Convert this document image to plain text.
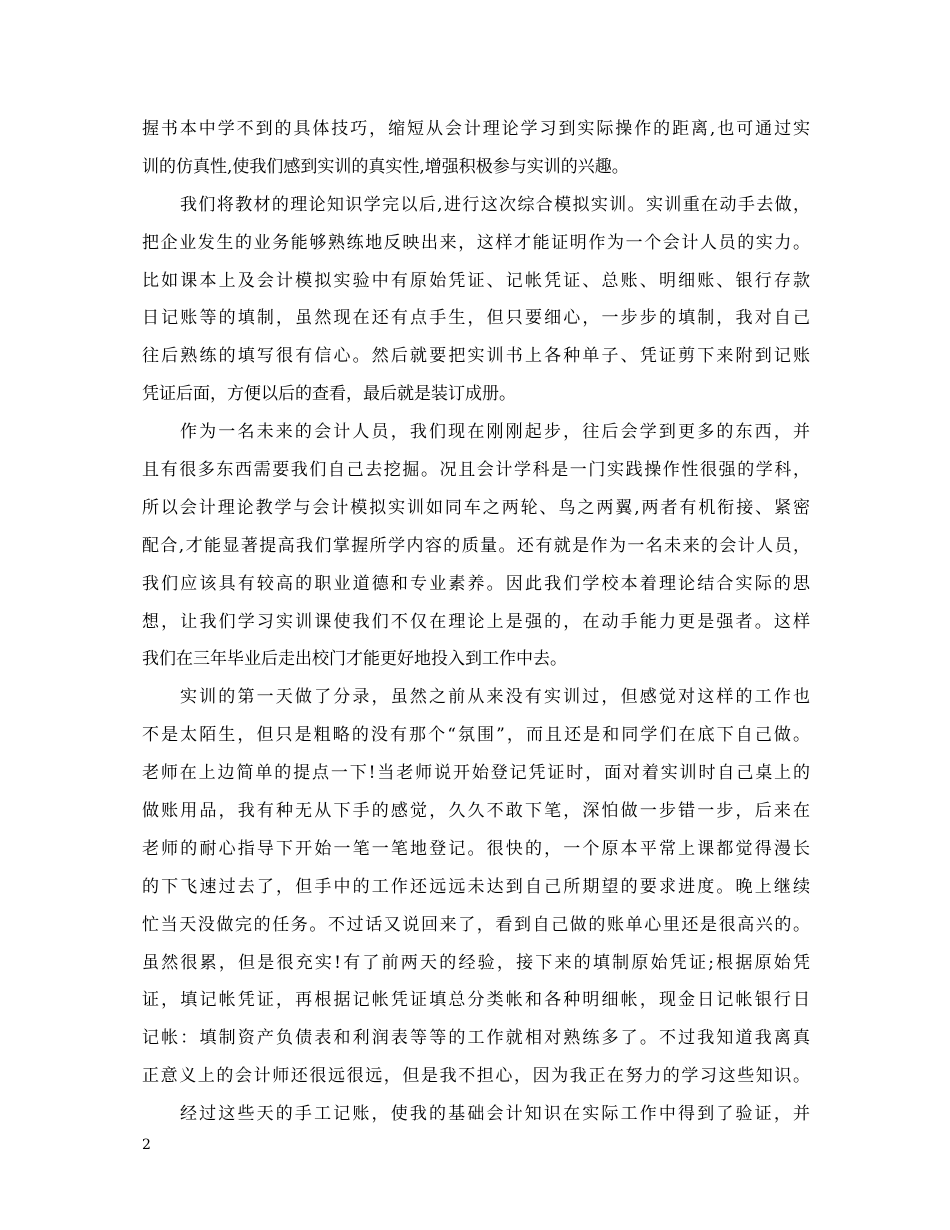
握书本中学不到的具体技巧，缩短从会计理论学习到实际操作的距离,也可通过实
训的仿真性,使我们感到实训的真实性,增强积极参与实训的兴趣。
我们将教材的理论知识学完以后,进行这次综合模拟实训。实训重在动手去做，
把企业发生的业务能够熟练地反映出来，这样才能证明作为一个会计人员的实力。
比如课本上及会计模拟实验中有原始凭证、记帐凭证、总账、明细账、银行存款
日记账等的填制，虽然现在还有点手生，但只要细心，一步步的填制，我对自己
往后熟练的填写很有信心。然后就要把实训书上各种单子、凭证剪下来附到记账
凭证后面，方便以后的查看，最后就是装订成册。
作为一名未来的会计人员，我们现在刚刚起步，往后会学到更多的东西，并
且有很多东西需要我们自己去挖掘。况且会计学科是一门实践操作性很强的学科，
所以会计理论教学与会计模拟实训如同车之两轮、鸟之两翼,两者有机衔接、紧密
配合,才能显著提高我们掌握所学内容的质量。还有就是作为一名未来的会计人员，
我们应该具有较高的职业道德和专业素养。因此我们学校本着理论结合实际的思
想，让我们学习实训课使我们不仅在理论上是强的，在动手能力更是强者。这样
我们在三年毕业后走出校门才能更好地投入到工作中去。
实训的第一天做了分录，虽然之前从来没有实训过，但感觉对这样的工作也
不是太陌生，但只是粗略的没有那个“氛围”，而且还是和同学们在底下自己做。
老师在上边简单的提点一下!当老师说开始登记凭证时，面对着实训时自己桌上的
做账用品，我有种无从下手的感觉，久久不敢下笔，深怕做一步错一步，后来在
老师的耐心指导下开始一笔一笔地登记。很快的，一个原本平常上课都觉得漫长
的下飞速过去了，但手中的工作还远远未达到自己所期望的要求进度。晚上继续
忙当天没做完的任务。不过话又说回来了，看到自己做的账单心里还是很高兴的。
虽然很累，但是很充实!有了前两天的经验，接下来的填制原始凭证;根据原始凭
证，填记帐凭证，再根据记帐凭证填总分类帐和各种明细帐，现金日记帐银行日
记帐：填制资产负债表和利润表等等的工作就相对熟练多了。不过我知道我离真
正意义上的会计师还很远很远，但是我不担心，因为我正在努力的学习这些知识。
经过这些天的手工记账，使我的基础会计知识在实际工作中得到了验证，并
2
